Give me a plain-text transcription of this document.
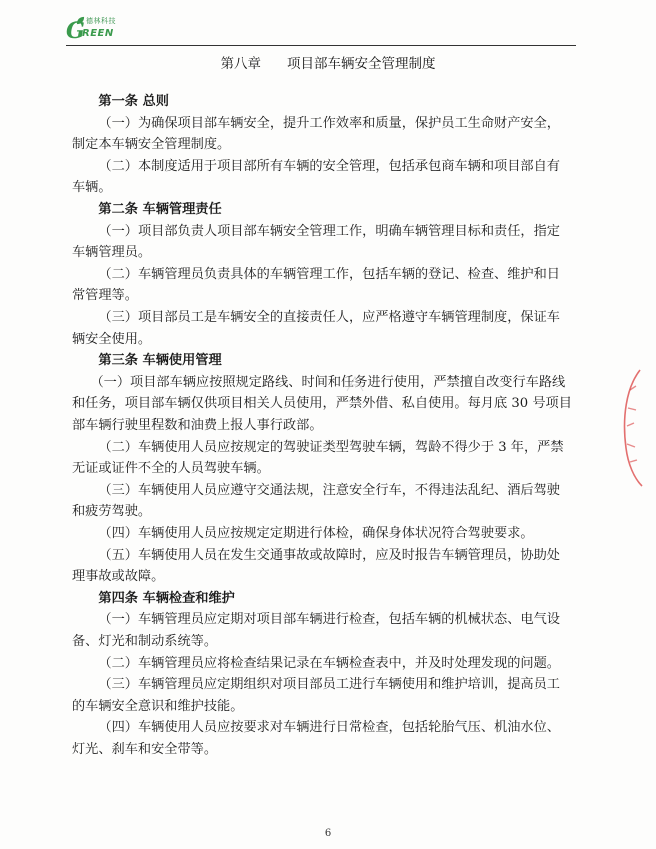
德林科技
G
REEN
第八章 项目部车辆安全管理制度
第一条 总则
（一）为确保项目部车辆安全，提升工作效率和质量，保护员工生命财产安全，
制定本车辆安全管理制度。
（二）本制度适用于项目部所有车辆的安全管理，包括承包商车辆和项目部自有
车辆。
第二条 车辆管理责任
（一）项目部负责人项目部车辆安全管理工作，明确车辆管理目标和责任，指定
车辆管理员。
（二）车辆管理员负责具体的车辆管理工作，包括车辆的登记、检查、维护和日
常管理等。
（三）项目部员工是车辆安全的直接责任人，应严格遵守车辆管理制度，保证车
辆安全使用。
第三条 车辆使用管理
（一）项目部车辆应按照规定路线、时间和任务进行使用，严禁擅自改变行车路线
和任务，项目部车辆仅供项目相关人员使用，严禁外借、私自使用。每月底 30 号项目
部车辆行驶里程数和油费上报人事行政部。
（二）车辆使用人员应按规定的驾驶证类型驾驶车辆，驾龄不得少于 3 年，严禁
无证或证件不全的人员驾驶车辆。
（三）车辆使用人员应遵守交通法规，注意安全行车，不得违法乱纪、酒后驾驶
和疲劳驾驶。
（四）车辆使用人员应按规定定期进行体检，确保身体状况符合驾驶要求。
（五）车辆使用人员在发生交通事故或故障时，应及时报告车辆管理员，协助处
理事故或故障。
第四条 车辆检查和维护
（一）车辆管理员应定期对项目部车辆进行检查，包括车辆的机械状态、电气设
备、灯光和制动系统等。
（二）车辆管理员应将检查结果记录在车辆检查表中，并及时处理发现的问题。
（三）车辆管理员应定期组织对项目部员工进行车辆使用和维护培训，提高员工
的车辆安全意识和维护技能。
（四）车辆使用人员应按要求对车辆进行日常检查，包括轮胎气压、机油水位、
灯光、刹车和安全带等。
6
